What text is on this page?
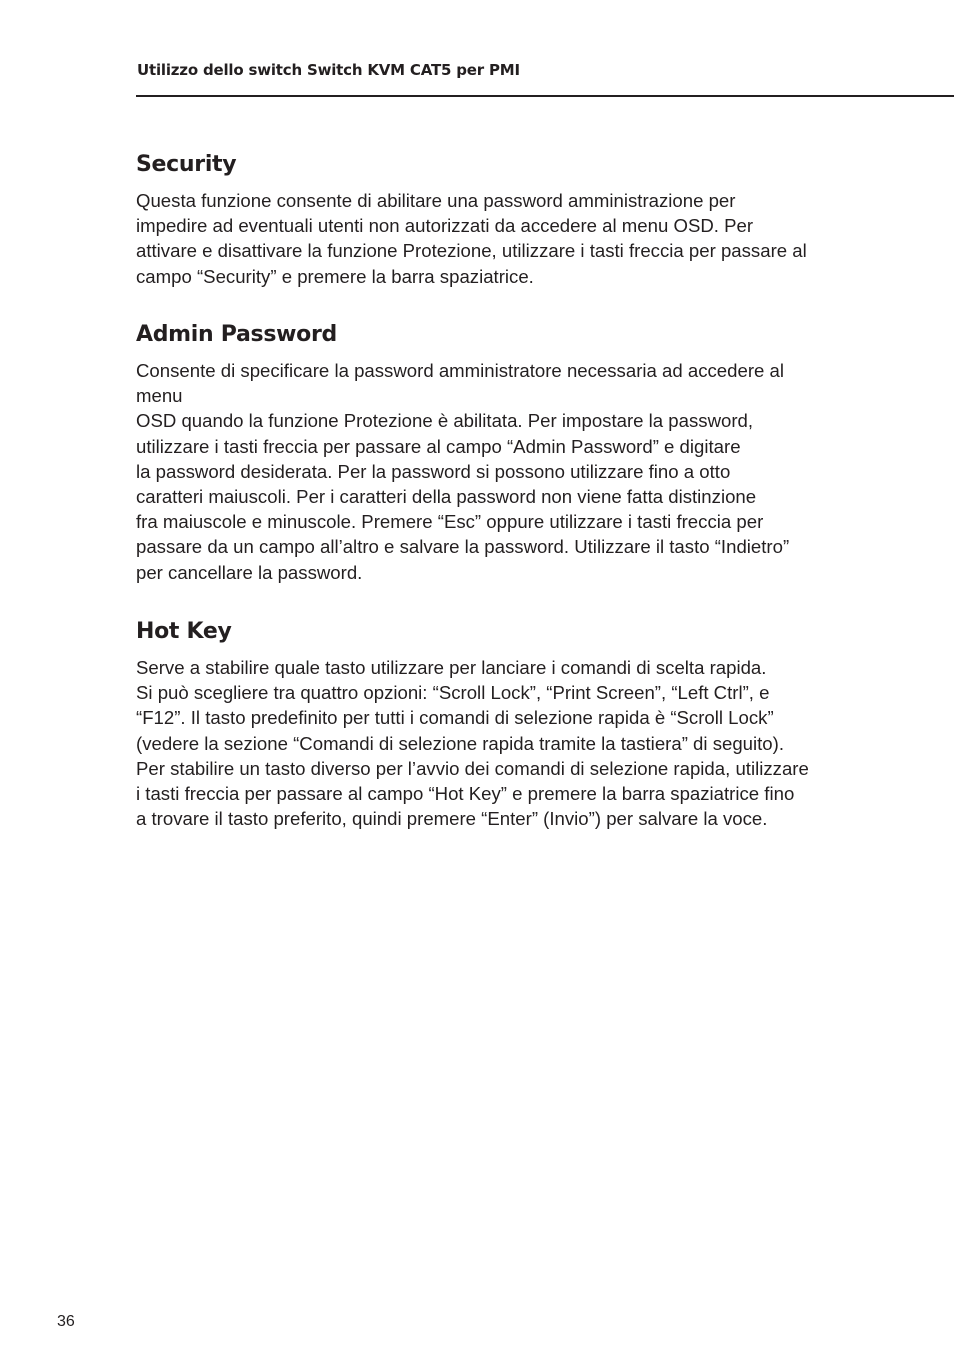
Utilizzo dello switch Switch KVM CAT5 per PMI
Security

Questa funzione consente di abilitare una password amministrazione per
impedire ad eventuali utenti non autorizzati da accedere al menu OSD. Per
attivare e disattivare la funzione Protezione, utilizzare i tasti freccia per passare al
campo “Security” e premere la barra spaziatrice.

Admin Password

Consente di specificare la password amministratore necessaria ad accedere al
menu
OSD quando la funzione Protezione è abilitata. Per impostare la password,
utilizzare i tasti freccia per passare al campo “Admin Password” e digitare
la password desiderata. Per la password si possono utilizzare fino a otto
caratteri maiuscoli. Per i caratteri della password non viene fatta distinzione
fra maiuscole e minuscole. Premere “Esc” oppure utilizzare i tasti freccia per
passare da un campo all’altro e salvare la password. Utilizzare il tasto “Indietro”
per cancellare la password.

Hot Key

Serve a stabilire quale tasto utilizzare per lanciare i comandi di scelta rapida.
Si può scegliere tra quattro opzioni: “Scroll Lock”, “Print Screen”, “Left Ctrl”, e
“F12”. Il tasto predefinito per tutti i comandi di selezione rapida è “Scroll Lock”
(vedere la sezione “Comandi di selezione rapida tramite la tastiera” di seguito).
Per stabilire un tasto diverso per l’avvio dei comandi di selezione rapida, utilizzare
i tasti freccia per passare al campo “Hot Key” e premere la barra spaziatrice fino
a trovare il tasto preferito, quindi premere “Enter” (Invio”) per salvare la voce.

36
